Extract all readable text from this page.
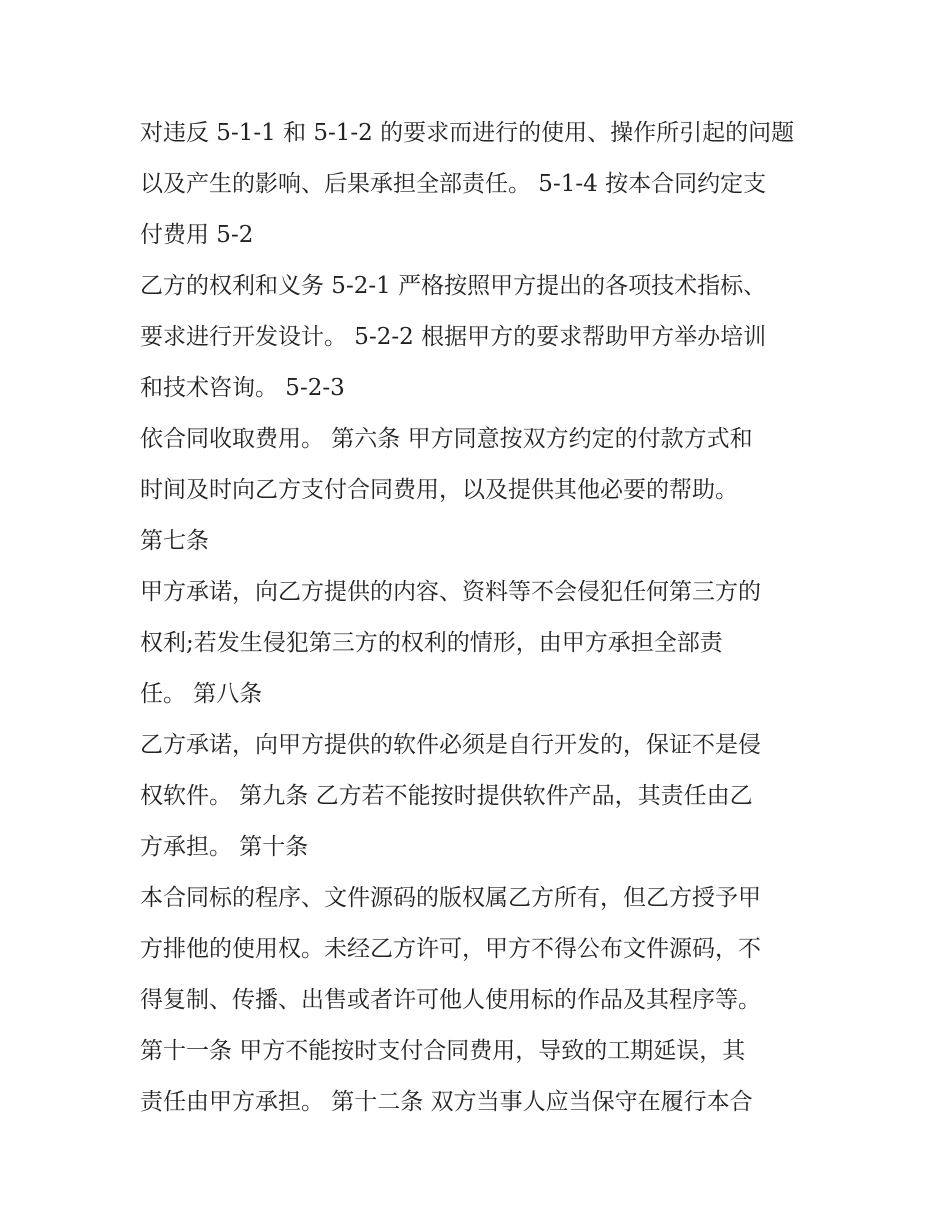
对违反 5-1-1 和 5-1-2 的要求而进行的使用、操作所引起的问题
以及产生的影响、后果承担全部责任。 5-1-4 按本合同约定支
付费用 5-2
乙方的权利和义务 5-2-1 严格按照甲方提出的各项技术指标、
要求进行开发设计。 5-2-2 根据甲方的要求帮助甲方举办培训
和技术咨询。 5-2-3
依合同收取费用。 第六条 甲方同意按双方约定的付款方式和
时间及时向乙方支付合同费用，以及提供其他必要的帮助。
第七条
甲方承诺，向乙方提供的内容、资料等不会侵犯任何第三方的
权利;若发生侵犯第三方的权利的情形，由甲方承担全部责
任。 第八条
乙方承诺，向甲方提供的软件必须是自行开发的，保证不是侵
权软件。 第九条 乙方若不能按时提供软件产品，其责任由乙
方承担。 第十条
本合同标的程序、文件源码的版权属乙方所有，但乙方授予甲
方排他的使用权。未经乙方许可，甲方不得公布文件源码，不
得复制、传播、出售或者许可他人使用标的作品及其程序等。
第十一条 甲方不能按时支付合同费用，导致的工期延误，其
责任由甲方承担。 第十二条 双方当事人应当保守在履行本合
